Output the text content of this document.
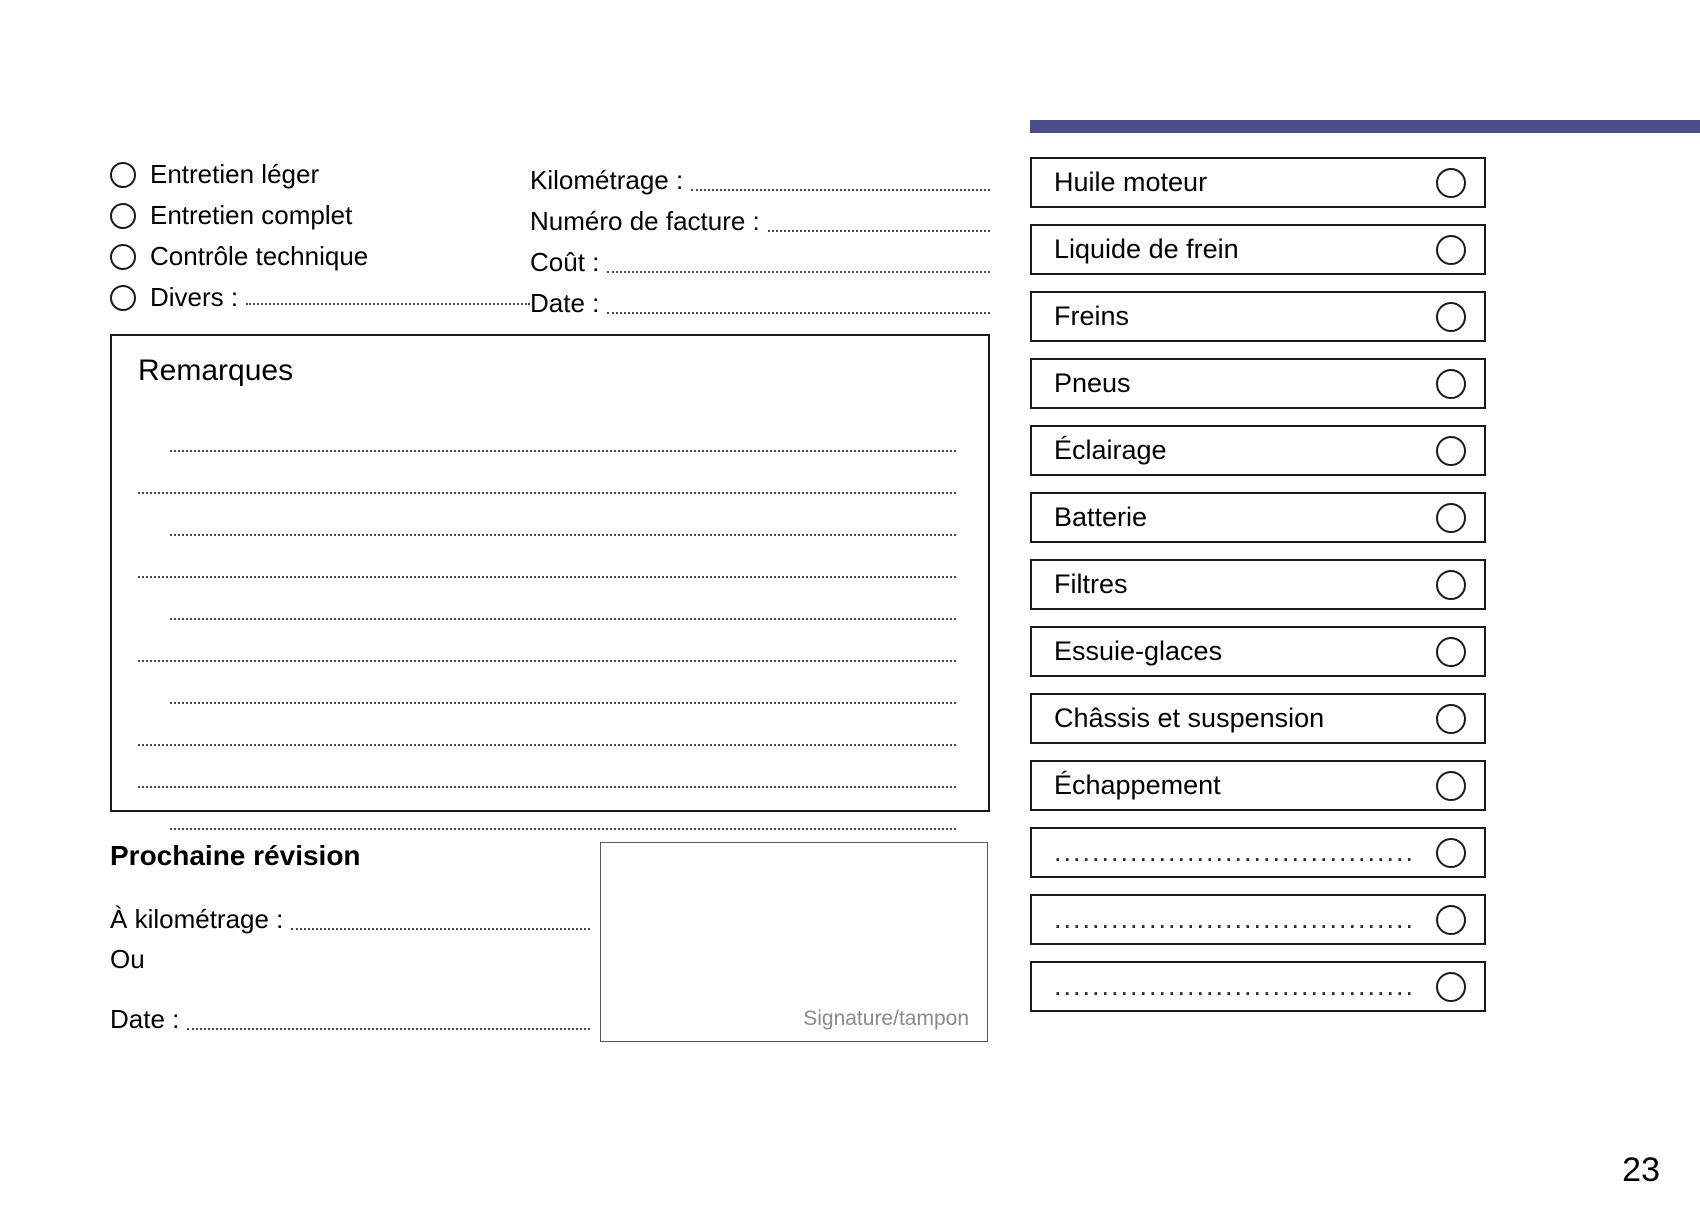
Entretien léger
Entretien complet
Contrôle technique
Divers :
Kilométrage :
Numéro de facture :
Coût :
Date :
Remarques
Prochaine révision
À kilométrage :
Ou
Date :	Signature/tampon
Huile moteur
Liquide de frein
Freins
Pneus
Éclairage
Batterie
Filtres
Essuie-glaces
Châssis et suspension
Échappement
......................................
......................................
......................................
23
